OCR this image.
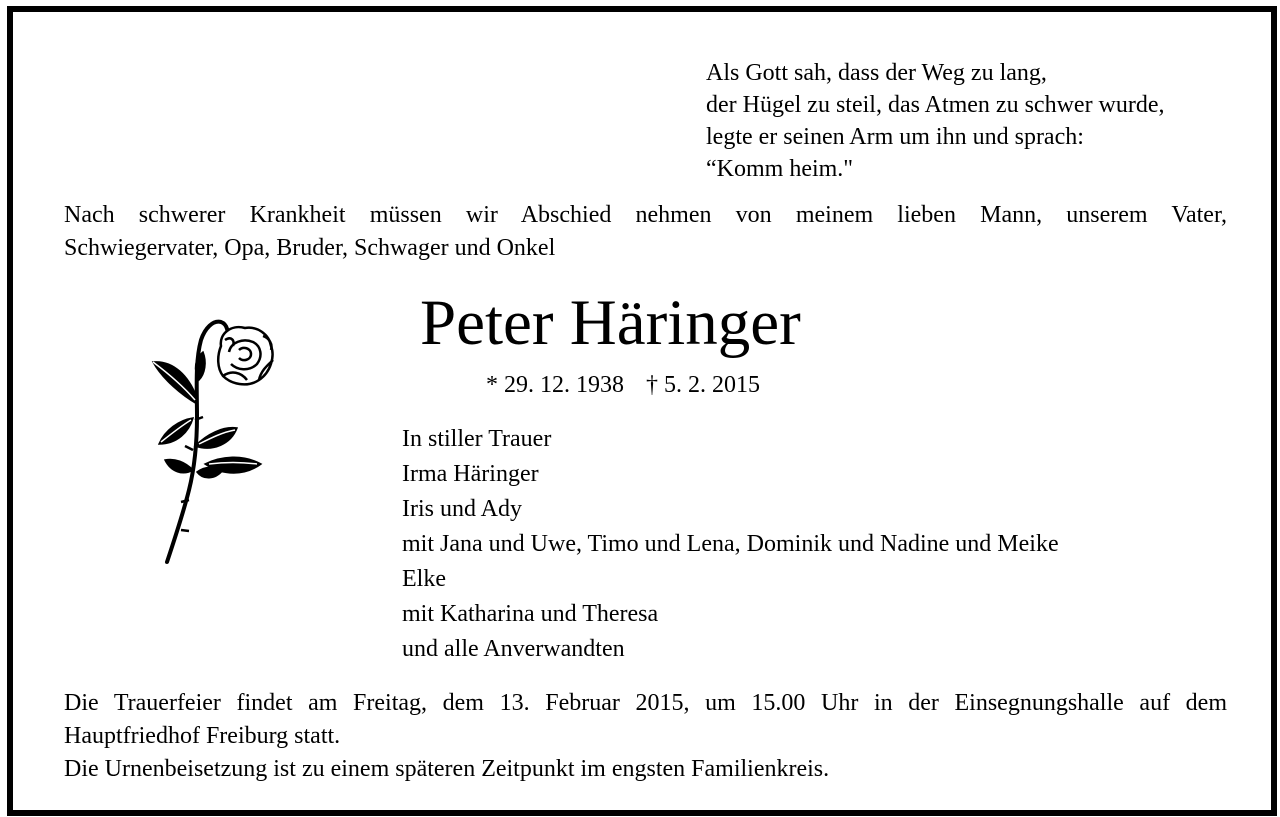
Als Gott sah, dass der Weg zu lang,
der Hügel zu steil, das Atmen zu schwer wurde,
legte er seinen Arm um ihn und sprach:
“Komm heim."
Nach schwerer Krankheit müssen wir Abschied nehmen von meinem lieben Mann, unserem Vater,
Schwiegervater, Opa, Bruder, Schwager und Onkel
Peter Häringer
* 29. 12. 1938 † 5. 2. 2015
In stiller Trauer
Irma Häringer
Iris und Ady
mit Jana und Uwe, Timo und Lena, Dominik und Nadine und Meike
Elke
mit Katharina und Theresa
und alle Anverwandten
Die Trauerfeier findet am Freitag, dem 13. Februar 2015, um 15.00 Uhr in der Einsegnungshalle auf dem
Hauptfriedhof Freiburg statt.
Die Urnenbeisetzung ist zu einem späteren Zeitpunkt im engsten Familienkreis.
